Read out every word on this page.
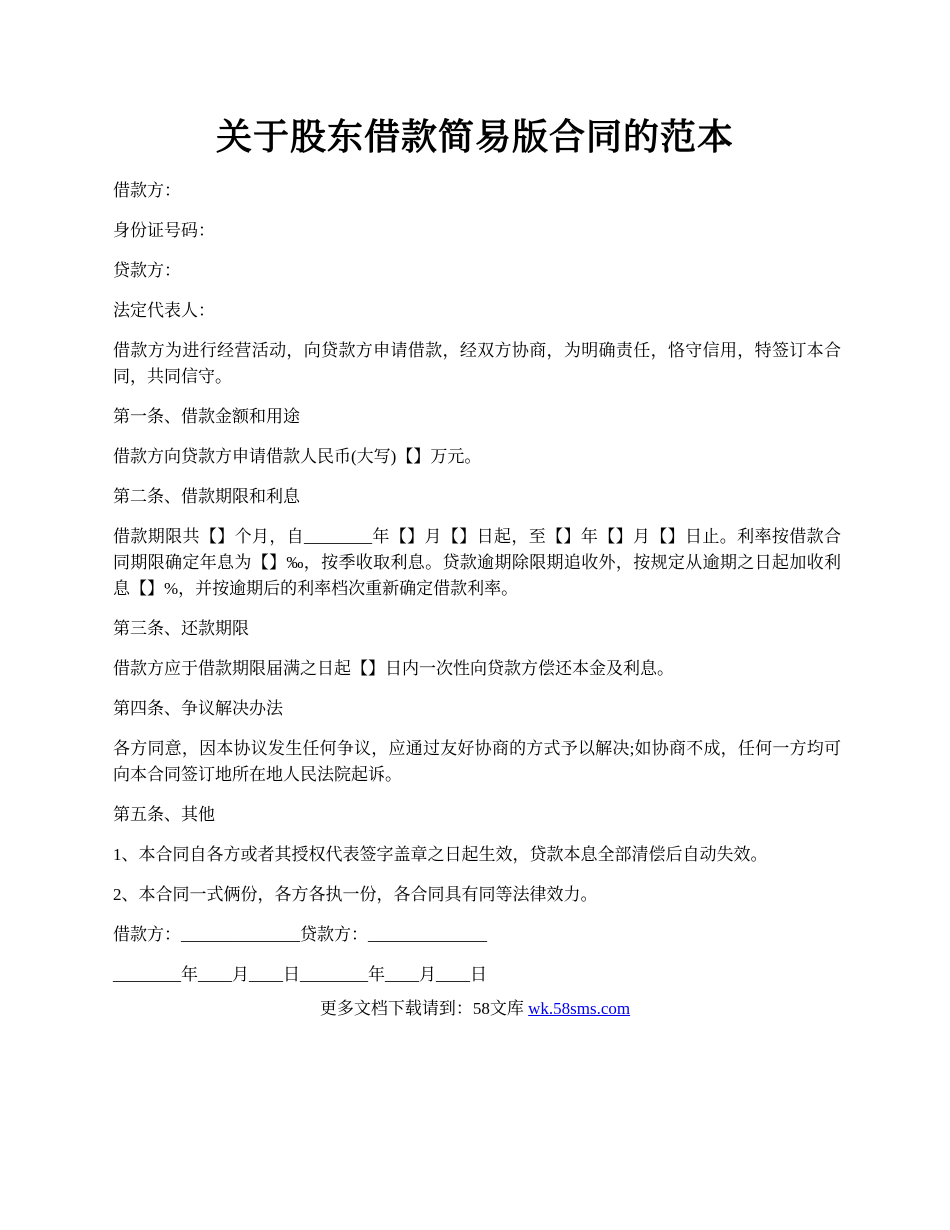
关于股东借款简易版合同的范本

借款方：

身份证号码：

贷款方：

法定代表人：

借款方为进行经营活动，向贷款方申请借款，经双方协商，为明确责任，恪守信用，特签订本合同，共同信守。

第一条、借款金额和用途

借款方向贷款方申请借款人民币(大写)【】万元。

第二条、借款期限和利息

借款期限共【】个月，自________年【】月【】日起，至【】年【】月【】日止。利率按借款合同期限确定年息为【】‰，按季收取利息。贷款逾期除限期追收外，按规定从逾期之日起加收利息【】%，并按逾期后的利率档次重新确定借款利率。

第三条、还款期限

借款方应于借款期限届满之日起【】日内一次性向贷款方偿还本金及利息。

第四条、争议解决办法

各方同意，因本协议发生任何争议，应通过友好协商的方式予以解决;如协商不成，任何一方均可向本合同签订地所在地人民法院起诉。

第五条、其他

1、本合同自各方或者其授权代表签字盖章之日起生效，贷款本息全部清偿后自动失效。

2、本合同一式俩份，各方各执一份，各合同具有同等法律效力。

借款方：______________贷款方：______________

________年____月____日________年____月____日

更多文档下载请到：58文库 wk.58sms.com
